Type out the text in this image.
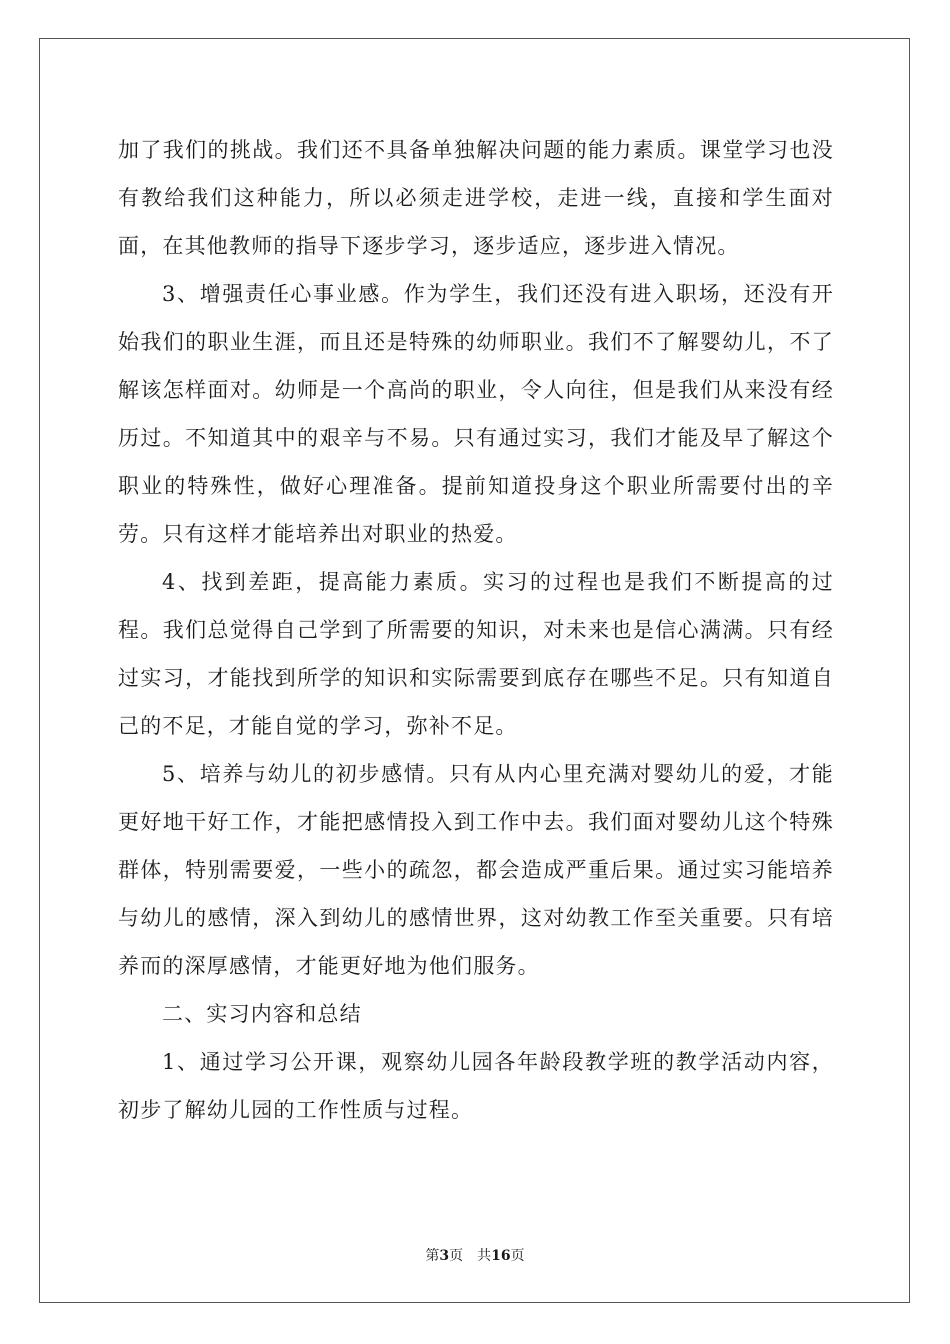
加了我们的挑战。我们还不具备单独解决问题的能力素质。课堂学习也没有教给我们这种能力，所以必须走进学校，走进一线，直接和学生面对面，在其他教师的指导下逐步学习，逐步适应，逐步进入情况。

3、增强责任心事业感。作为学生，我们还没有进入职场，还没有开始我们的职业生涯，而且还是特殊的幼师职业。我们不了解婴幼儿，不了解该怎样面对。幼师是一个高尚的职业，令人向往，但是我们从来没有经历过。不知道其中的艰辛与不易。只有通过实习，我们才能及早了解这个职业的特殊性，做好心理准备。提前知道投身这个职业所需要付出的辛劳。只有这样才能培养出对职业的热爱。

4、找到差距，提高能力素质。实习的过程也是我们不断提高的过程。我们总觉得自己学到了所需要的知识，对未来也是信心满满。只有经过实习，才能找到所学的知识和实际需要到底存在哪些不足。只有知道自己的不足，才能自觉的学习，弥补不足。

5、培养与幼儿的初步感情。只有从内心里充满对婴幼儿的爱，才能更好地干好工作，才能把感情投入到工作中去。我们面对婴幼儿这个特殊群体，特别需要爱，一些小的疏忽，都会造成严重后果。通过实习能培养与幼儿的感情，深入到幼儿的感情世界，这对幼教工作至关重要。只有培养而的深厚感情，才能更好地为他们服务。

二、实习内容和总结

1、通过学习公开课，观察幼儿园各年龄段教学班的教学活动内容，初步了解幼儿园的工作性质与过程。

第3页 共16页
